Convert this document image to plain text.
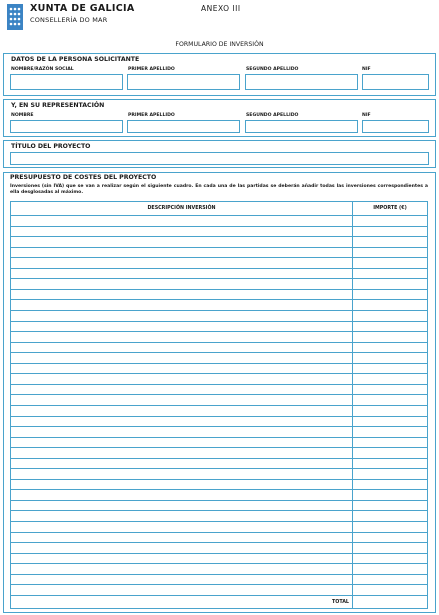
XUNTA DE GALICIA
CONSELLERÍA DO MAR
ANEXO III
FORMULARIO DE INVERSIÓN
DATOS DE LA PERSONA SOLICITANTE
NOMBRE/RAZÓN SOCIAL	PRIMER APELLIDO	SEGUNDO APELLIDO	NIF
Y, EN SU REPRESENTACIÓN
NOMBRE	PRIMER APELLIDO	SEGUNDO APELLIDO	NIF
TÍTULO DEL PROYECTO
PRESUPUESTO DE COSTES DEL PROYECTO
Inversiones (sin IVA) que se van a realizar según el siguiente cuadro. En cada una de las partidas se deberán añadir todas las inversiones correspondientes a ella desglosadas al máximo.
DESCRIPCIÓN INVERSIÓN	IMPORTE (€)
TOTAL
